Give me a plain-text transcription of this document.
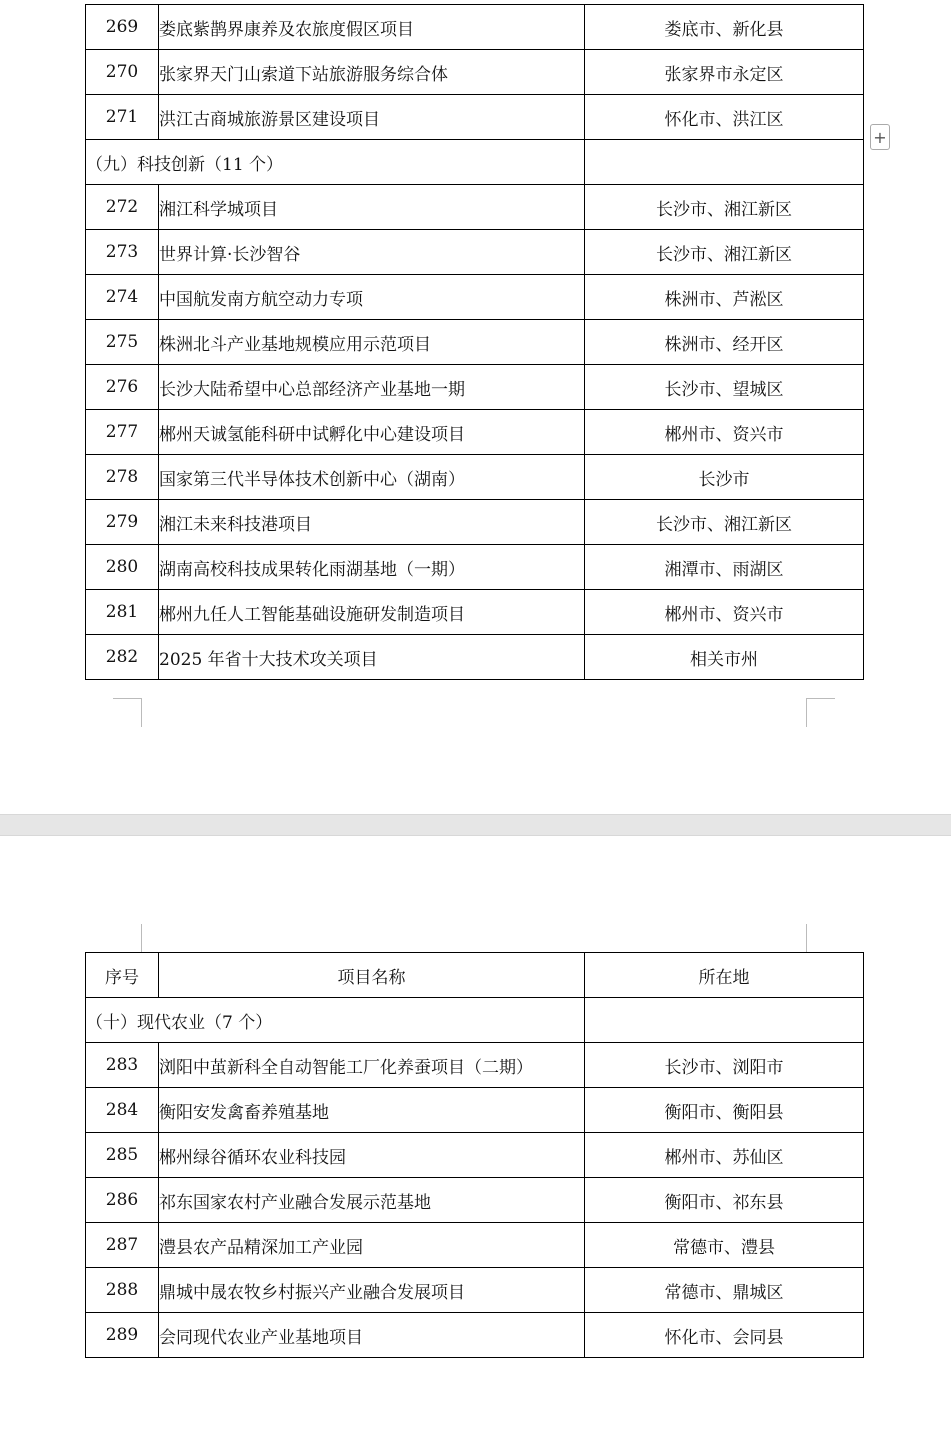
269	娄底紫鹊界康养及农旅度假区项目	娄底市、新化县
270	张家界天门山索道下站旅游服务综合体	张家界市永定区
271	洪江古商城旅游景区建设项目	怀化市、洪江区
（九）科技创新（11 个）		
272	湘江科学城项目	长沙市、湘江新区
273	世界计算·长沙智谷	长沙市、湘江新区
274	中国航发南方航空动力专项	株洲市、芦淞区
275	株洲北斗产业基地规模应用示范项目	株洲市、经开区
276	长沙大陆希望中心总部经济产业基地一期	长沙市、望城区
277	郴州天诚氢能科研中试孵化中心建设项目	郴州市、资兴市
278	国家第三代半导体技术创新中心（湖南）	长沙市
279	湘江未来科技港项目	长沙市、湘江新区
280	湖南高校科技成果转化雨湖基地（一期）	湘潭市、雨湖区
281	郴州九任人工智能基础设施研发制造项目	郴州市、资兴市
282	2025 年省十大技术攻关项目	相关市州
+
序号	项目名称	所在地
（十）现代农业（7 个）		
283	浏阳中茧新科全自动智能工厂化养蚕项目（二期）	长沙市、浏阳市
284	衡阳安发禽畜养殖基地	衡阳市、衡阳县
285	郴州绿谷循环农业科技园	郴州市、苏仙区
286	祁东国家农村产业融合发展示范基地	衡阳市、祁东县
287	澧县农产品精深加工产业园	常德市、澧县
288	鼎城中晟农牧乡村振兴产业融合发展项目	常德市、鼎城区
289	会同现代农业产业基地项目	怀化市、会同县
